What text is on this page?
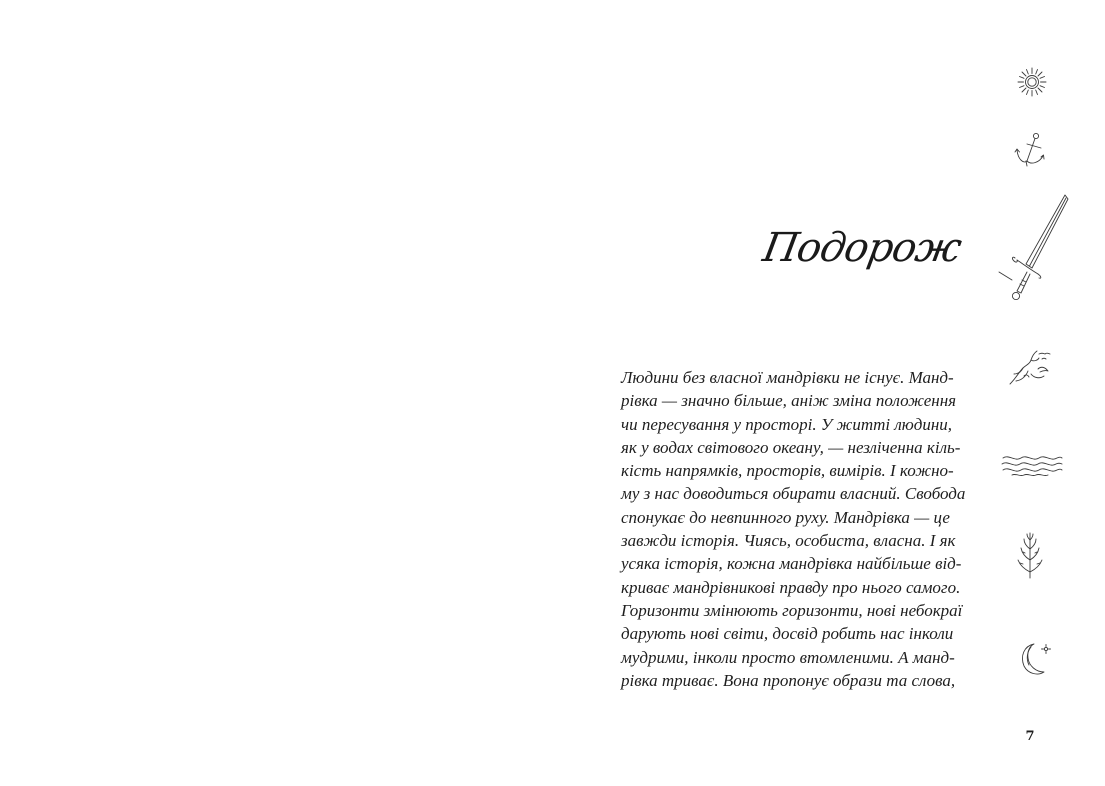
Подорож

Людини без власної мандрівки не існує. Манд-
рівка — значно більше, аніж зміна положення
чи пересування у просторі. У житті людини,
як у водах світового океану, — незліченна кіль-
кість напрямків, просторів, вимірів. І кожно-
му з нас доводиться обирати власний. Свобода
спонукає до невпинного руху. Мандрівка — це
завжди історія. Чиясь, особиста, власна. І як
усяка історія, кожна мандрівка найбільше від-
криває мандрівникові правду про нього самого.
Горизонти змінюють горизонти, нові небокраї
дарують нові світи, досвід робить нас інколи
мудрими, інколи просто втомленими. А манд-
рівка триває. Вона пропонує образи та слова,

7
